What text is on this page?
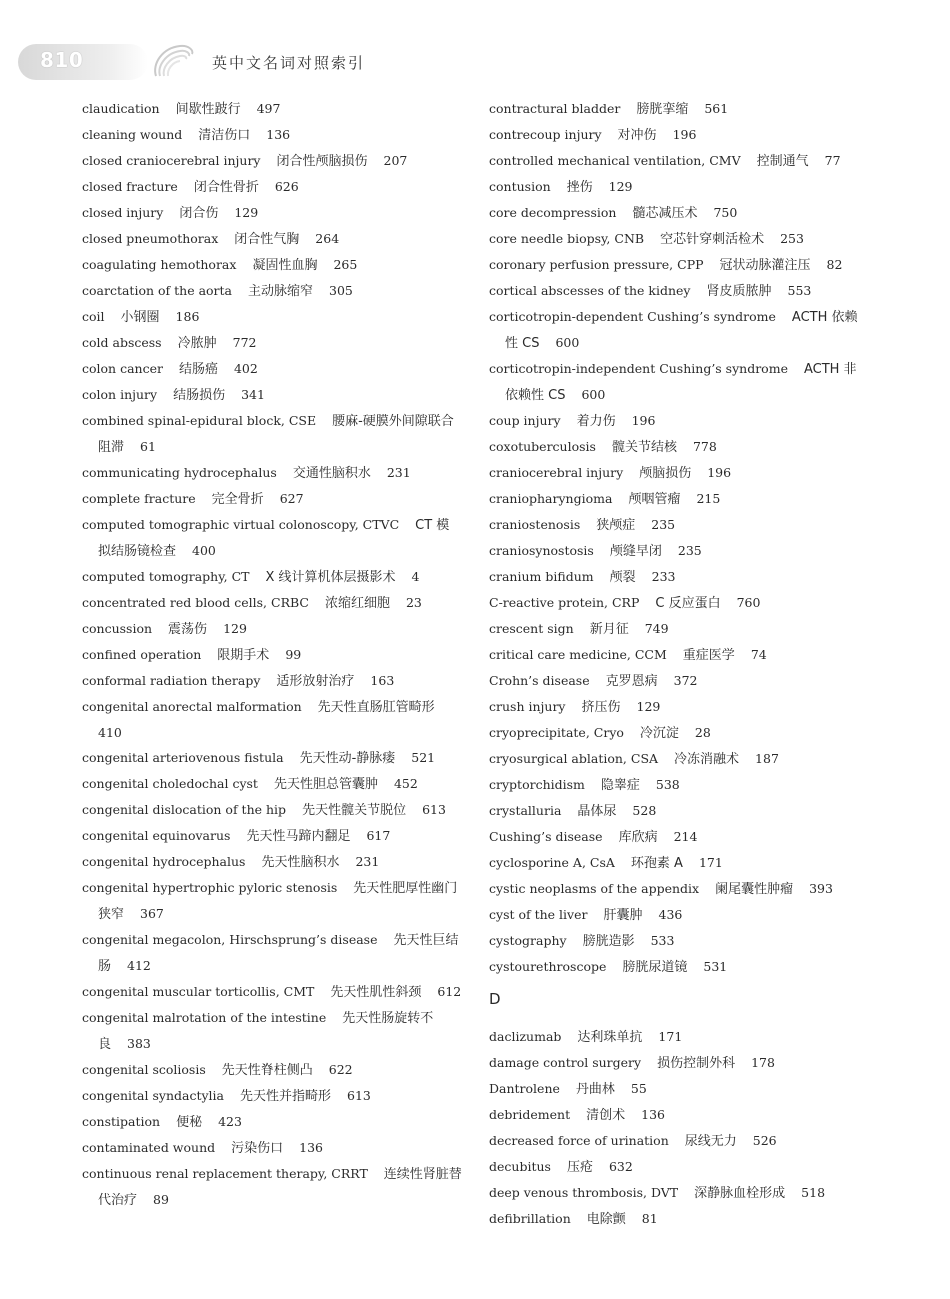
810	英中文名词对照索引

claudication 间歇性跛行 497

cleaning wound 清洁伤口 136

closed craniocerebral injury 闭合性颅脑损伤 207

closed fracture 闭合性骨折 626

closed injury 闭合伤 129

closed pneumothorax 闭合性气胸 264

coagulating hemothorax 凝固性血胸 265

coarctation of the aorta 主动脉缩窄 305

coil 小钢圈 186

cold abscess 冷脓肿 772

colon cancer 结肠癌 402

colon injury 结肠损伤 341

combined spinal-epidural block, CSE 腰麻-硬膜外间隙联合阻滞 61

communicating hydrocephalus 交通性脑积水 231

complete fracture 完全骨折 627

computed tomographic virtual colonoscopy, CTVC CT 模拟结肠镜检查 400

computed tomography, CT X 线计算机体层摄影术 4

concentrated red blood cells, CRBC 浓缩红细胞 23

concussion 震荡伤 129

confined operation 限期手术 99

conformal radiation therapy 适形放射治疗 163

congenital anorectal malformation 先天性直肠肛管畸形410

congenital arteriovenous fistula 先天性动-静脉瘘 521

congenital choledochal cyst 先天性胆总管囊肿 452

congenital dislocation of the hip 先天性髋关节脱位 613

congenital equinovarus 先天性马蹄内翻足 617

congenital hydrocephalus 先天性脑积水 231

congenital hypertrophic pyloric stenosis 先天性肥厚性幽门狭窄 367

congenital megacolon, Hirschsprung’s disease 先天性巨结肠 412

congenital muscular torticollis, CMT 先天性肌性斜颈 612

congenital malrotation of the intestine 先天性肠旋转不良 383

congenital scoliosis 先天性脊柱侧凸 622

congenital syndactylia 先天性并指畸形 613

constipation 便秘 423

contaminated wound 污染伤口 136

continuous renal replacement therapy, CRRT 连续性肾脏替代治疗 89

contractural bladder 膀胱挛缩 561

contrecoup injury 对冲伤 196

controlled mechanical ventilation, CMV 控制通气 77

contusion 挫伤 129

core decompression 髓芯减压术 750

core needle biopsy, CNB 空芯针穿刺活检术 253

coronary perfusion pressure, CPP 冠状动脉灌注压 82

cortical abscesses of the kidney 肾皮质脓肿 553

corticotropin-dependent Cushing’s syndrome ACTH 依赖性 CS 600

corticotropin-independent Cushing’s syndrome ACTH 非依赖性 CS 600

coup injury 着力伤 196

coxotuberculosis 髋关节结核 778

craniocerebral injury 颅脑损伤 196

craniopharyngioma 颅咽管瘤 215

craniostenosis 狭颅症 235

craniosynostosis 颅缝早闭 235

cranium bifidum 颅裂 233

C-reactive protein, CRP C 反应蛋白 760

crescent sign 新月征 749

critical care medicine, CCM 重症医学 74

Crohn’s disease 克罗恩病 372

crush injury 挤压伤 129

cryoprecipitate, Cryo 冷沉淀 28

cryosurgical ablation, CSA 冷冻消融术 187

cryptorchidism 隐睾症 538

crystalluria 晶体尿 528

Cushing’s disease 库欣病 214

cyclosporine A, CsA 环孢素 A 171

cystic neoplasms of the appendix 阑尾囊性肿瘤 393

cyst of the liver 肝囊肿 436

cystography 膀胱造影 533

cystourethroscope 膀胱尿道镜 531

D

daclizumab 达利珠单抗 171

damage control surgery 损伤控制外科 178

Dantrolene 丹曲林 55

debridement 清创术 136

decreased force of urination 尿线无力 526

decubitus 压疮 632

deep venous thrombosis, DVT 深静脉血栓形成 518

defibrillation 电除颤 81
